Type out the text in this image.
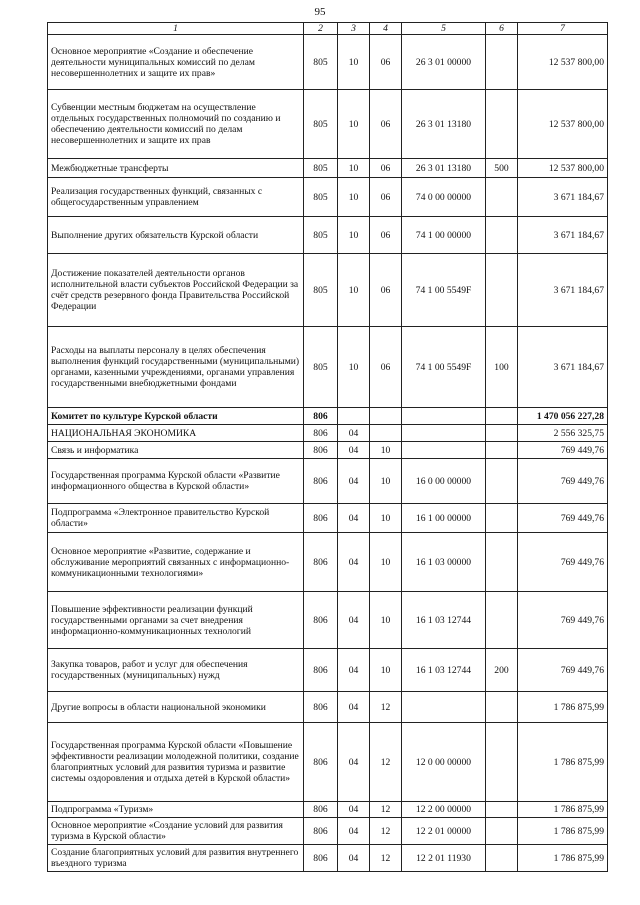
95
1	2	3	4	5	6	7
Основное мероприятие «Создание и обеспечение деятельности муниципальных комиссий по делам несовершеннолетних и защите их прав»	805	10	06	26 3 01 00000		12 537 800,00
Субвенции местным бюджетам на осуществление отдельных государственных полномочий по созданию и обеспечению деятельности комиссий по делам несовершеннолетних и защите их прав	805	10	06	26 3 01 13180		12 537 800,00
Межбюджетные трансферты	805	10	06	26 3 01 13180	500	12 537 800,00
Реализация государственных функций, связанных с общегосударственным управлением	805	10	06	74 0 00 00000		3 671 184,67
Выполнение других обязательств Курской области	805	10	06	74 1 00 00000		3 671 184,67
Достижение показателей деятельности органов исполнительной власти субъектов Российской Федерации за счёт средств резервного фонда Правительства Российской Федерации	805	10	06	74 1 00 5549F		3 671 184,67
Расходы на выплаты персоналу в целях обеспечения выполнения функций государственными (муниципальными) органами, казенными учреждениями, органами управления государственными внебюджетными фондами	805	10	06	74 1 00 5549F	100	3 671 184,67
Комитет по культуре Курской области	806					1 470 056 227,28
НАЦИОНАЛЬНАЯ ЭКОНОМИКА	806	04				2 556 325,75
Связь и информатика	806	04	10			769 449,76
Государственная программа Курской области «Развитие информационного общества в Курской области»	806	04	10	16 0 00 00000		769 449,76
Подпрограмма «Электронное правительство Курской области»	806	04	10	16 1 00 00000		769 449,76
Основное мероприятие «Развитие, содержание и обслуживание мероприятий связанных с информационно-коммуникационными технологиями»	806	04	10	16 1 03 00000		769 449,76
Повышение эффективности реализации функций государственными органами за счет внедрения информационно-коммуникационных технологий	806	04	10	16 1 03 12744		769 449,76
Закупка товаров, работ и услуг для обеспечения государственных (муниципальных) нужд	806	04	10	16 1 03 12744	200	769 449,76
Другие вопросы в области национальной экономики	806	04	12			1 786 875,99
Государственная программа Курской области «Повышение эффективности реализации молодежной политики, создание благоприятных условий для развития туризма и развитие системы оздоровления и отдыха детей в Курской области»	806	04	12	12 0 00 00000		1 786 875,99
Подпрограмма «Туризм»	806	04	12	12 2 00 00000		1 786 875,99
Основное мероприятие «Создание условий для развития туризма в Курской области»	806	04	12	12 2 01 00000		1 786 875,99
Создание благоприятных условий для развития внутреннего въездного туризма	806	04	12	12 2 01 11930		1 786 875,99
